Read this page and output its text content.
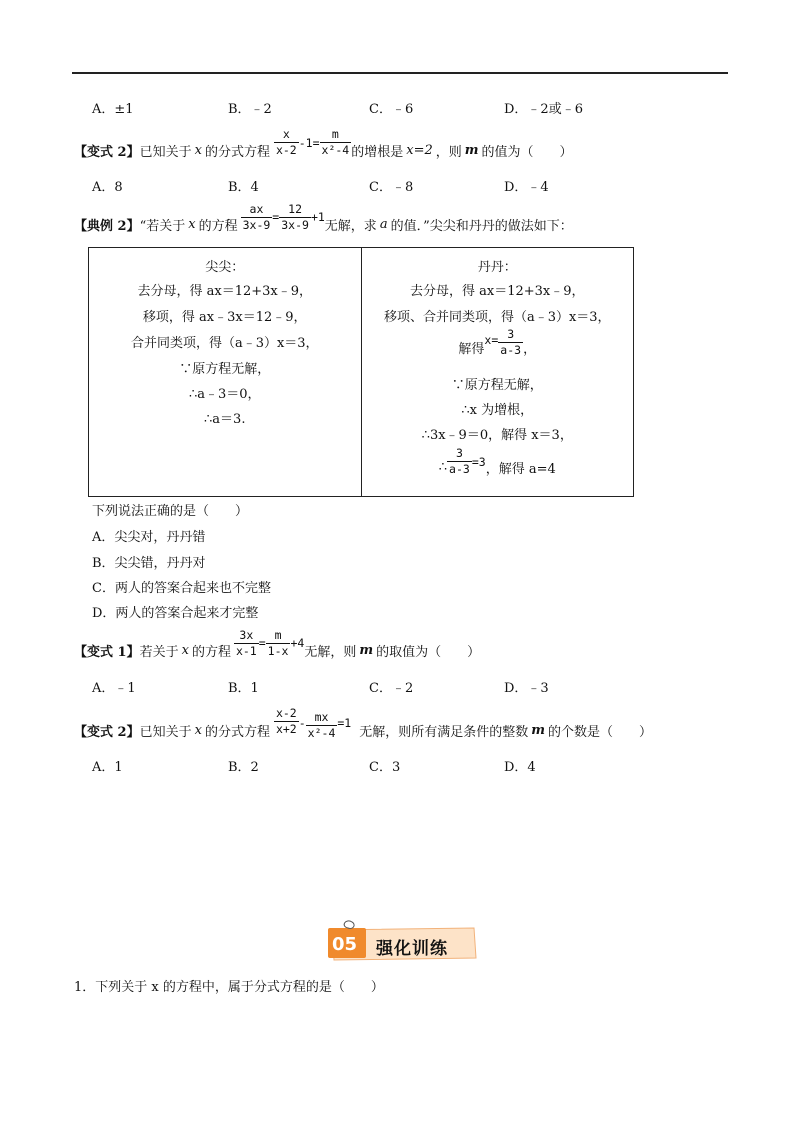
A．±1	B．﹣2	C．﹣6	D．﹣2或﹣6
【变式 2】 已知关于 x 的分式方程 $\frac{x}{x-2} -1= \frac{m}{\text{x²-4}}$ 的增根是 x=2 ，则 m 的值为（　　）
A．8	B．4	C．﹣8	D．﹣4
【典例 2】 “若关于 x 的方程 $\frac{ax}{3x-9} = \frac{12}{3x-9} +1$
无解，求 a 的值．”尖尖和丹丹的做法如下：
尖尖：
去分母，得 ax＝12+3x﹣9，
移项，得 ax﹣3x＝12﹣9，
合并同类项，得（a﹣3）x＝3，
∵原方程无解，
∴a﹣3＝0，
∴a＝3.

丹丹：
去分母，得 ax＝12+3x﹣9，
移项、合并同类项，得（a﹣3）x＝3，
解得
$x= \frac{3}{a-3}$ ，
∵原方程无解，
∴x 为增根，
∴3x﹣9＝0，解得 x＝3，
∴ $\frac{3}{a-3} =3$
，解得 a=4
下列说法正确的是（　　）
A．尖尖对，丹丹错
B．尖尖错，丹丹对
C．两人的答案合起来也不完整
D．两人的答案合起来才完整
【变式 1】 若关于 x 的方程 $\frac{3x}{x-1} = \frac{m}{1-x} +4$
无解，则 m 的取值为（　　）
A．﹣1	B．1	C．﹣2	D．﹣3
【变式 2】 已知关于 x 的分式方程 $\frac{x-2}{x+2} - \frac{mx}{\text{x²-4}} =1$
无解，则所有满足条件的整数 m 的个数是（　　）
A．1	B．2	C．3	D．4
05 强化训练
1．下列关于 x 的方程中，属于分式方程的是（　　）
